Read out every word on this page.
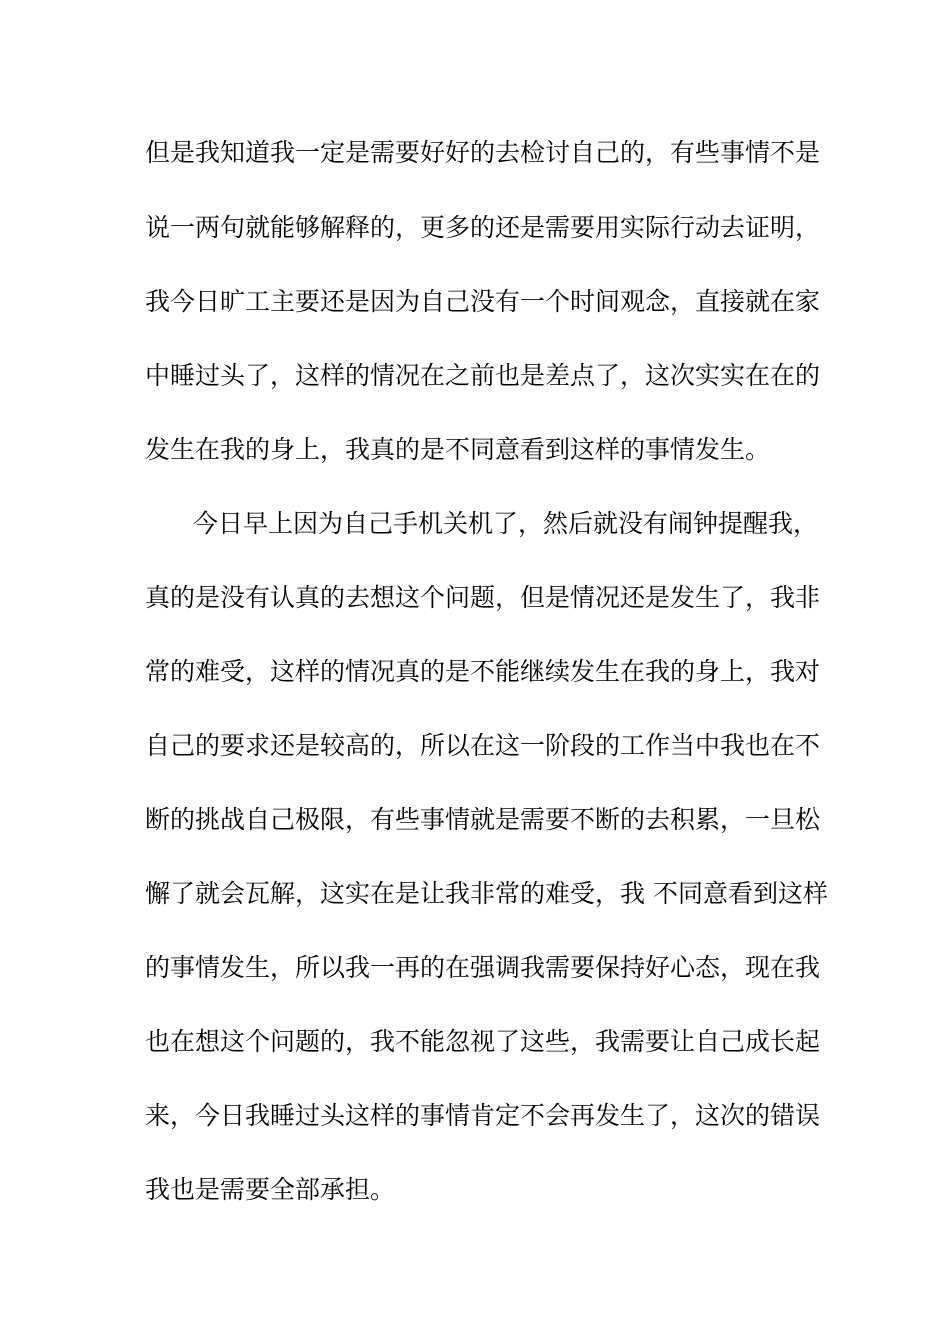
但是我知道我一定是需要好好的去检讨自己的，有些事情不是
说一两句就能够解释的，更多的还是需要用实际行动去证明，
我今日旷工主要还是因为自己没有一个时间观念，直接就在家
中睡过头了，这样的情况在之前也是差点了，这次实实在在的
发生在我的身上，我真的是不同意看到这样的事情发生。
今日早上因为自己手机关机了，然后就没有闹钟提醒我，
真的是没有认真的去想这个问题，但是情况还是发生了，我非
常的难受，这样的情况真的是不能继续发生在我的身上，我对
自己的要求还是较高的，所以在这一阶段的工作当中我也在不
断的挑战自己极限，有些事情就是需要不断的去积累，一旦松
懈了就会瓦解，这实在是让我非常的难受，我 不同意看到这样
的事情发生，所以我一再的在强调我需要保持好心态，现在我
也在想这个问题的，我不能忽视了这些，我需要让自己成长起
来，今日我睡过头这样的事情肯定不会再发生了，这次的错误
我也是需要全部承担。
